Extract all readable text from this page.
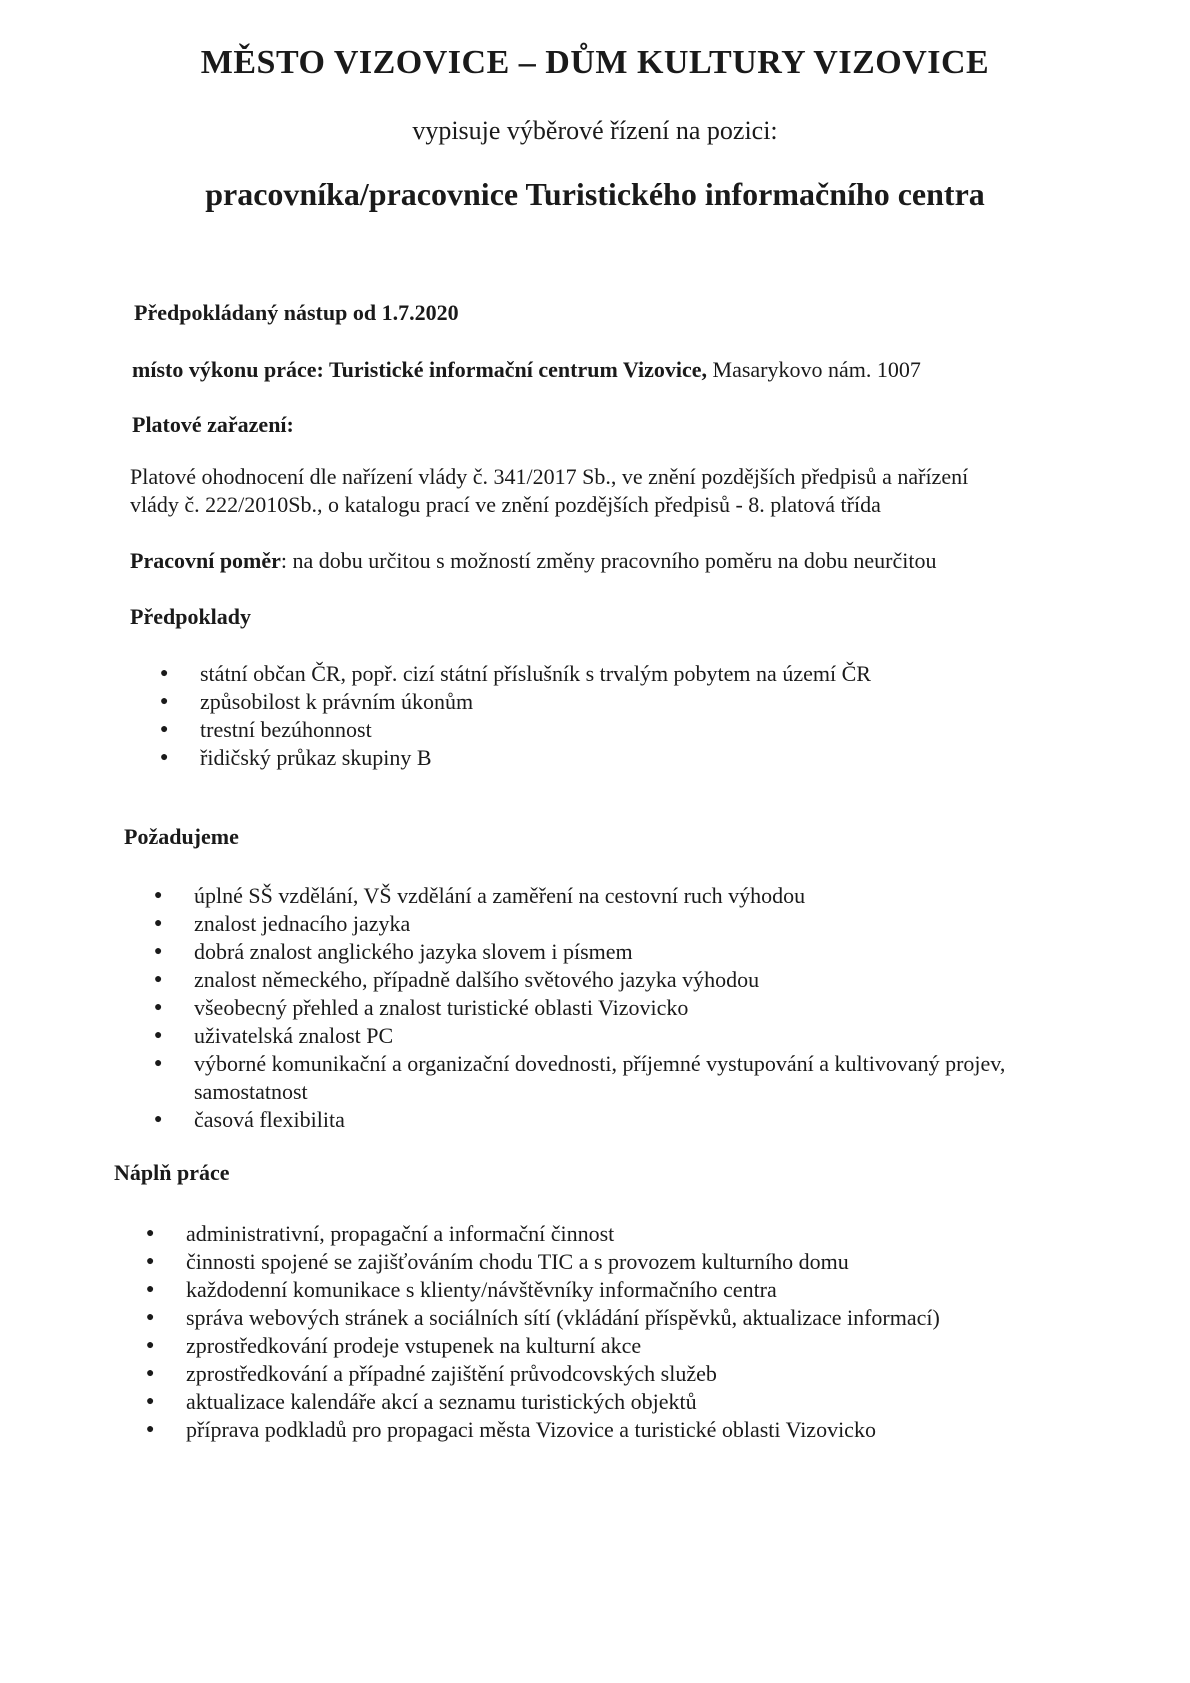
MĚSTO VIZOVICE – DŮM KULTURY VIZOVICE
vypisuje výběrové řízení na pozici:
pracovníka/pracovnice Turistického informačního centra
Předpokládaný nástup od 1.7.2020
místo výkonu práce: Turistické informační centrum Vizovice, Masarykovo nám. 1007
Platové zařazení:
Platové ohodnocení dle nařízení vlády č. 341/2017 Sb., ve znění pozdějších předpisů a nařízení
vlády č. 222/2010Sb., o katalogu prací ve znění pozdějších předpisů - 8. platová třída
Pracovní poměr: na dobu určitou s možností změny pracovního poměru na dobu neurčitou
Předpoklady
● státní občan ČR, popř. cizí státní příslušník s trvalým pobytem na území ČR
● způsobilost k právním úkonům
● trestní bezúhonnost
● řidičský průkaz skupiny B
Požadujeme
● úplné SŠ vzdělání, VŠ vzdělání a zaměření na cestovní ruch výhodou
● znalost jednacího jazyka
● dobrá znalost anglického jazyka slovem i písmem
● znalost německého, případně dalšího světového jazyka výhodou
● všeobecný přehled a znalost turistické oblasti Vizovicko
● uživatelská znalost PC
● výborné komunikační a organizační dovednosti, příjemné vystupování a kultivovaný projev,
samostatnost
● časová flexibilita
Náplň práce
● administrativní, propagační a informační činnost
● činnosti spojené se zajišťováním chodu TIC a s provozem kulturního domu
● každodenní komunikace s klienty/návštěvníky informačního centra
● správa webových stránek a sociálních sítí (vkládání příspěvků, aktualizace informací)
● zprostředkování prodeje vstupenek na kulturní akce
● zprostředkování a případné zajištění průvodcovských služeb
● aktualizace kalendáře akcí a seznamu turistických objektů
● příprava podkladů pro propagaci města Vizovice a turistické oblasti Vizovicko
